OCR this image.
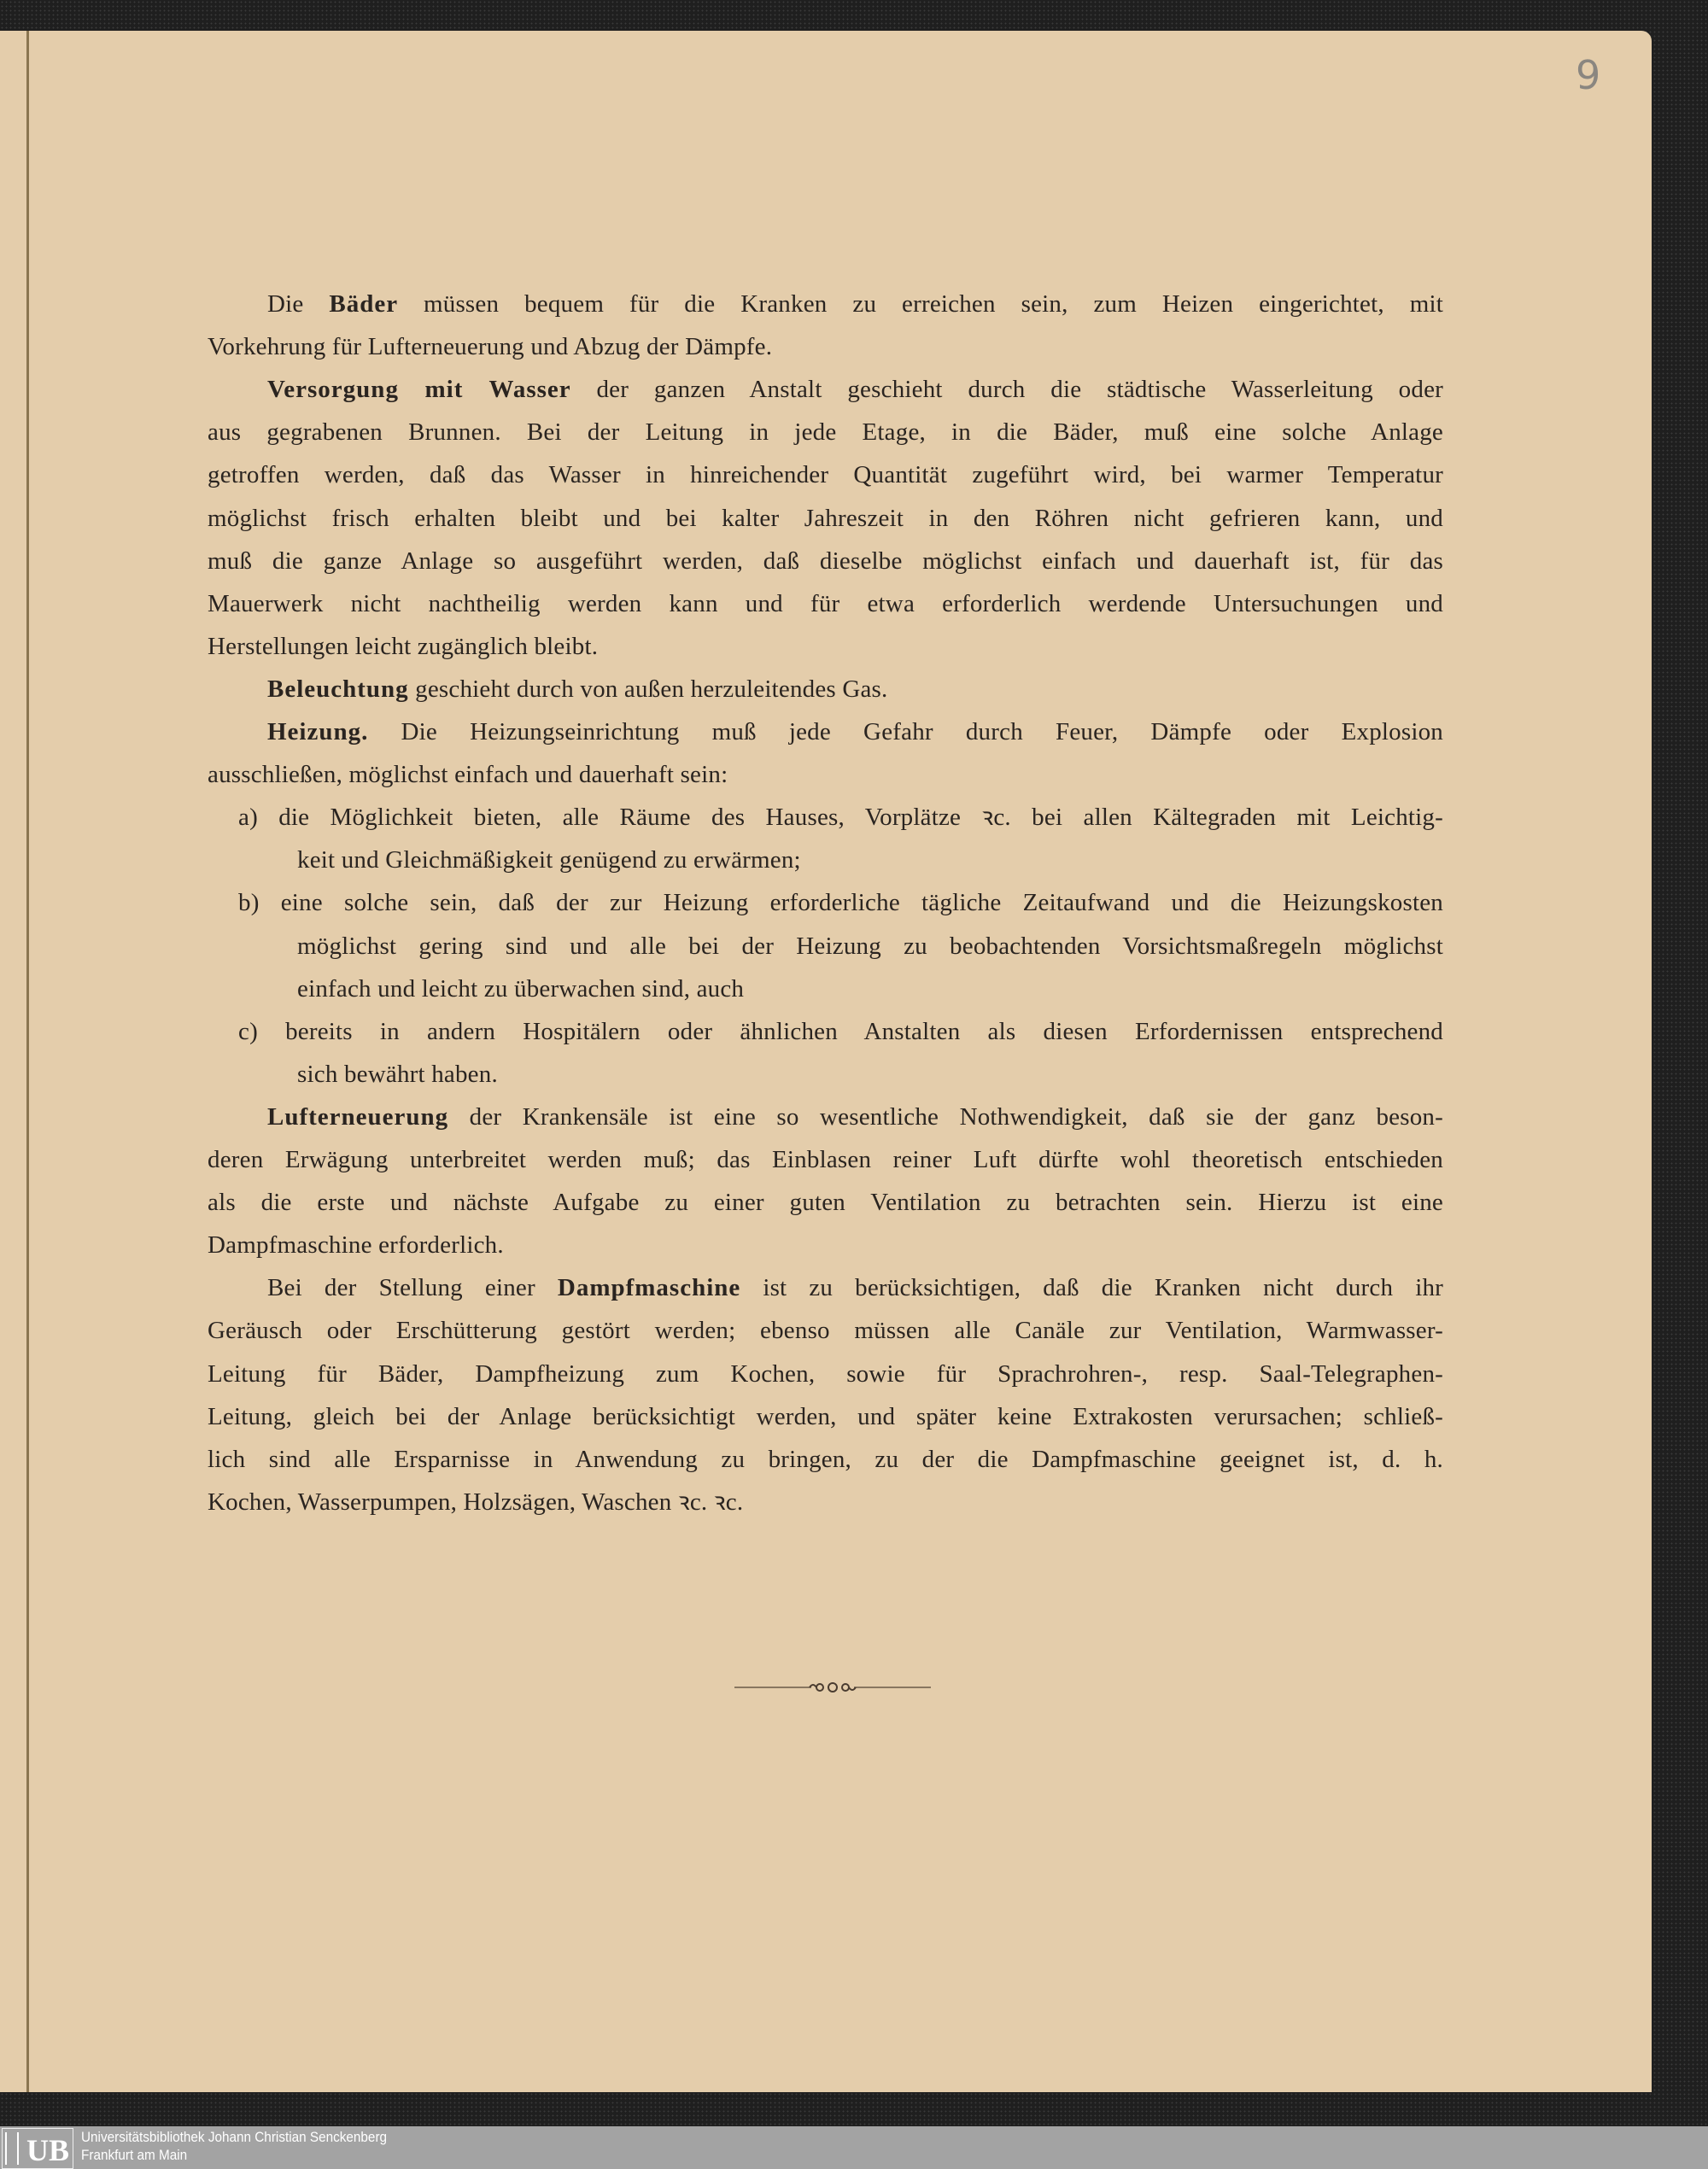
9
Die Bäder müssen bequem für die Kranken zu erreichen sein, zum Heizen eingerichtet, mit
Vorkehrung für Lufterneuerung und Abzug der Dämpfe.
Versorgung mit Wasser der ganzen Anstalt geschieht durch die städtische Wasserleitung oder
aus gegrabenen Brunnen. Bei der Leitung in jede Etage, in die Bäder, muß eine solche Anlage
getroffen werden, daß das Wasser in hinreichender Quantität zugeführt wird, bei warmer Temperatur
möglichst frisch erhalten bleibt und bei kalter Jahreszeit in den Röhren nicht gefrieren kann, und
muß die ganze Anlage so ausgeführt werden, daß dieselbe möglichst einfach und dauerhaft ist, für das
Mauerwerk nicht nachtheilig werden kann und für etwa erforderlich werdende Untersuchungen und
Herstellungen leicht zugänglich bleibt.
Beleuchtung geschieht durch von außen herzuleitendes Gas.
Heizung. Die Heizungseinrichtung muß jede Gefahr durch Feuer, Dämpfe oder Explosion
ausschließen, möglichst einfach und dauerhaft sein:
a) die Möglichkeit bieten, alle Räume des Hauses, Vorplätze ꝛc. bei allen Kältegraden mit Leichtig-
keit und Gleichmäßigkeit genügend zu erwärmen;
b) eine solche sein, daß der zur Heizung erforderliche tägliche Zeitaufwand und die Heizungskosten
möglichst gering sind und alle bei der Heizung zu beobachtenden Vorsichtsmaßregeln möglichst
einfach und leicht zu überwachen sind, auch
c) bereits in andern Hospitälern oder ähnlichen Anstalten als diesen Erfordernissen entsprechend
sich bewährt haben.
Lufterneuerung der Krankensäle ist eine so wesentliche Nothwendigkeit, daß sie der ganz beson-
deren Erwägung unterbreitet werden muß; das Einblasen reiner Luft dürfte wohl theoretisch entschieden
als die erste und nächste Aufgabe zu einer guten Ventilation zu betrachten sein. Hierzu ist eine
Dampfmaschine erforderlich.
Bei der Stellung einer Dampfmaschine ist zu berücksichtigen, daß die Kranken nicht durch ihr
Geräusch oder Erschütterung gestört werden; ebenso müssen alle Canäle zur Ventilation, Warmwasser-
Leitung für Bäder, Dampfheizung zum Kochen, sowie für Sprachrohren-, resp. Saal-Telegraphen-
Leitung, gleich bei der Anlage berücksichtigt werden, und später keine Extrakosten verursachen; schließ-
lich sind alle Ersparnisse in Anwendung zu bringen, zu der die Dampfmaschine geeignet ist, d. h.
Kochen, Wasserpumpen, Holzsägen, Waschen ꝛc. ꝛc.
UB Universitätsbibliothek Johann Christian Senckenberg
Frankfurt am Main
